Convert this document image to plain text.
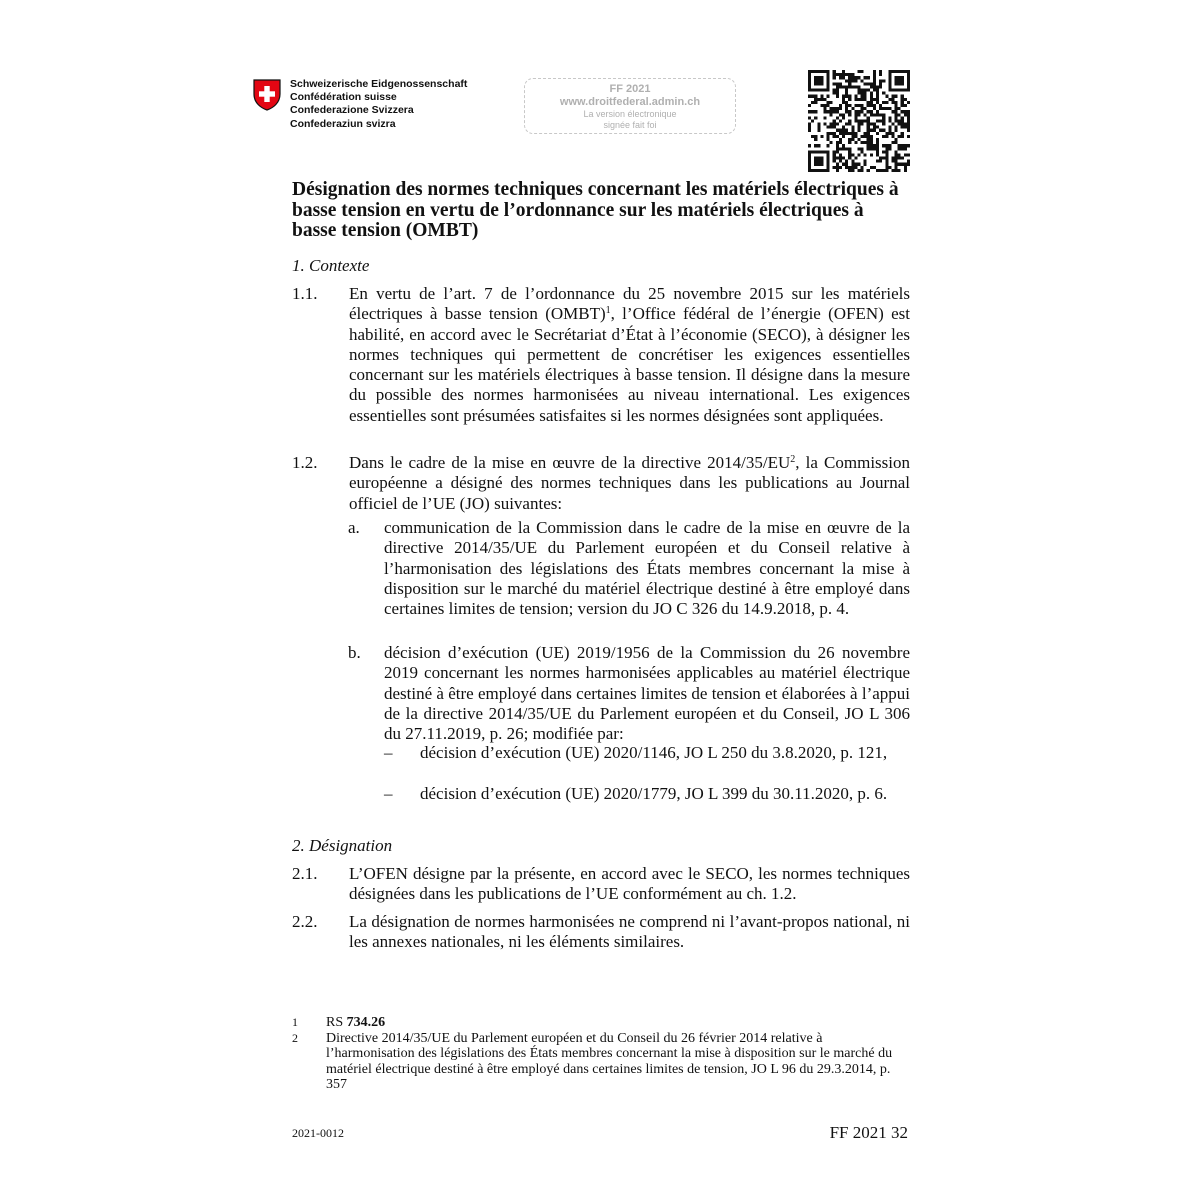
Schweizerische Eidgenossenschaft
Confédération suisse
Confederazione Svizzera
Confederaziun svizra
FF 2021
www.droitfederal.admin.ch
La version électronique
signée fait foi
Désignation des normes techniques concernant les matériels électriques à basse tension en vertu de l’ordonnance sur les matériels électriques à basse tension (OMBT)
1. Contexte
1.1. En vertu de l’art. 7 de l’ordonnance du 25 novembre 2015 sur les matériels électriques à basse tension (OMBT)$^1$, l’Office fédéral de l’énergie (OFEN) est habilité, en accord avec le Secrétariat d’État à l’économie (SECO), à désigner les normes techniques qui permettent de concrétiser les exigences essentielles concernant sur les matériels électriques à basse tension. Il désigne dans la mesure du possible des normes harmonisées au niveau international. Les exigences essentielles sont présumées satisfaites si les normes désignées sont appliquées.
1.2. Dans le cadre de la mise en œuvre de la directive $2014/35/EU^2$, la Commission européenne a désigné des normes techniques dans les publications au Journal officiel de l’UE (JO) suivantes:
a. communication de la Commission dans le cadre de la mise en œuvre de la directive 2014/35/UE du Parlement européen et du Conseil relative à l’harmonisation des législations des États membres concernant la mise à disposition sur le marché du matériel électrique destiné à être employé dans certaines limites de tension; version du JO C 326 du 14.9.2018, p. 4.
b. décision d’exécution (UE) 2019/1956 de la Commission du 26 novembre 2019 concernant les normes harmonisées applicables au matériel électrique destiné à être employé dans certaines limites de tension et élaborées à l’appui de la directive 2014/35/UE du Parlement européen et du Conseil, JO L 306 du 27.11.2019, p. 26; modifiée par:
– décision d’exécution (UE) 2020/1146, JO L 250 du 3.8.2020, p. 121,
– décision d’exécution (UE) 2020/1779, JO L 399 du 30.11.2020, p. 6.
2. Désignation
2.1. L’OFEN désigne par la présente, en accord avec le SECO, les normes techniques désignées dans les publications de l’UE conformément au ch. 1.2.
2.2. La désignation de normes harmonisées ne comprend ni l’avant-propos national, ni les annexes nationales, ni les éléments similaires.
1 RS 734.26
2 Directive 2014/35/UE du Parlement européen et du Conseil du 26 février 2014 relative à l’harmonisation des législations des États membres concernant la mise à disposition sur le marché du matériel électrique destiné à être employé dans certaines limites de tension, JO L 96 du 29.3.2014, p. 357
2021-0012	FF 2021 32
